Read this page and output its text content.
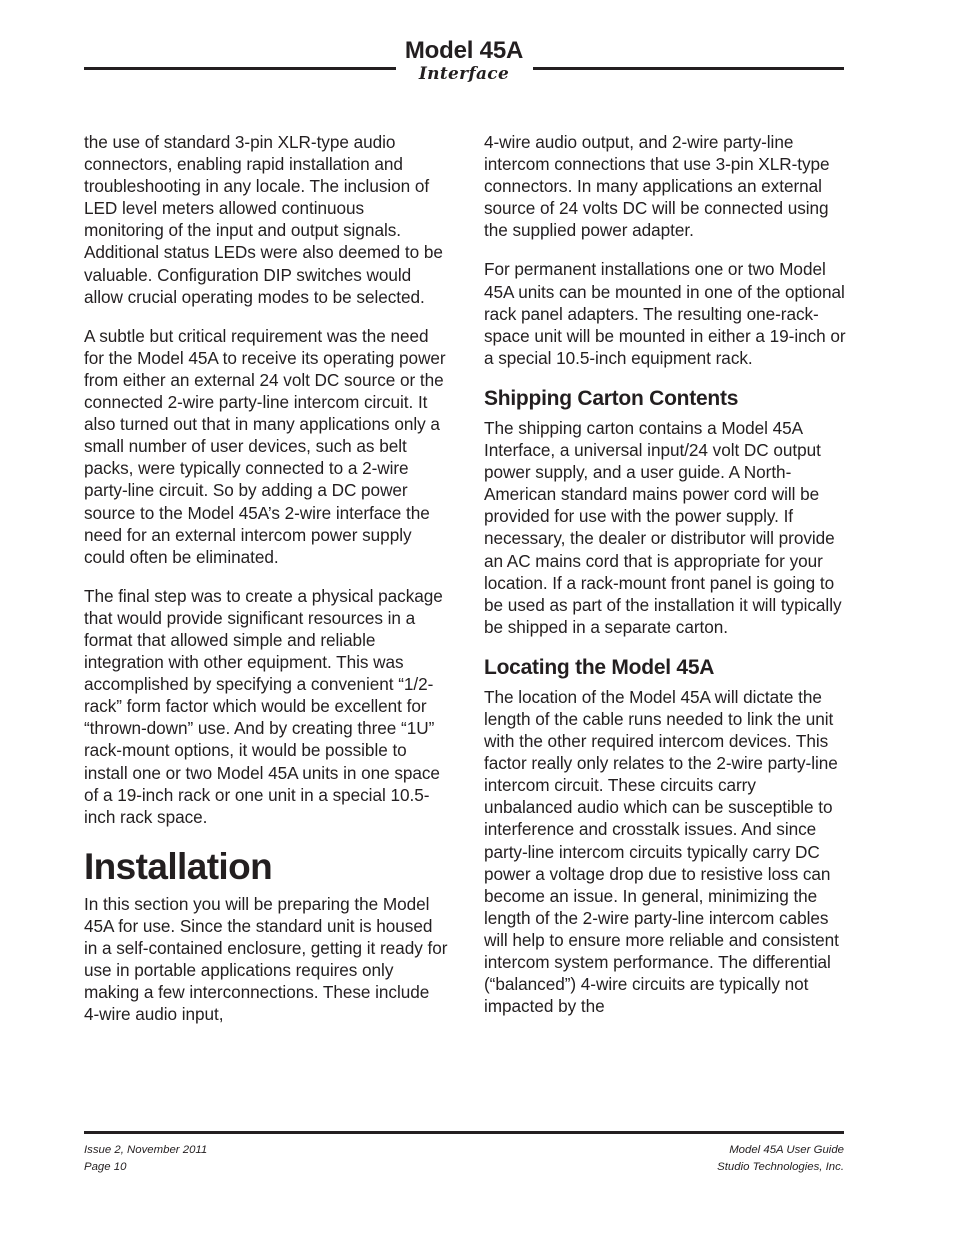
Model 45A
Interface

the use of standard 3-pin XLR-type audio connectors, enabling rapid installation and troubleshooting in any locale. The inclusion of LED level meters allowed continuous monitoring of the input and output signals. Additional status LEDs were also deemed to be valuable. Configuration DIP switches would allow crucial operating modes to be selected.

A subtle but critical requirement was the need for the Model 45A to receive its operating power from either an external 24 volt DC source or the connected 2-wire party-line intercom circuit. It also turned out that in many applications only a small number of user devices, such as belt packs, were typically connected to a 2-wire party-line circuit. So by adding a DC power source to the Model 45A’s 2-wire interface the need for an external intercom power supply could often be eliminated.

The final step was to create a physical package that would provide significant resources in a format that allowed simple and reliable integration with other equipment. This was accomplished by specifying a convenient “1/2-rack” form factor which would be excellent for “thrown-down” use. And by creating three “1U” rack-mount options, it would be possible to install one or two Model 45A units in one space of a 19-inch rack or one unit in a special 10.5-inch rack space.

Installation

In this section you will be preparing the Model 45A for use. Since the standard unit is housed in a self-contained enclosure, getting it ready for use in portable applications requires only making a few interconnections. These include 4-wire audio input,

4-wire audio output, and 2-wire party-line intercom connections that use 3-pin XLR-type connectors. In many applications an external source of 24 volts DC will be connected using the supplied power adapter.

For permanent installations one or two Model 45A units can be mounted in one of the optional rack panel adapters. The resulting one-rack-space unit will be mounted in either a 19-inch or a special 10.5-inch equipment rack.

Shipping Carton Contents

The shipping carton contains a Model 45A Interface, a universal input/24 volt DC output power supply, and a user guide. A North-American standard mains power cord will be provided for use with the power supply. If necessary, the dealer or distributor will provide an AC mains cord that is appropriate for your location. If a rack-mount front panel is going to be used as part of the installation it will typically be shipped in a separate carton.

Locating the Model 45A

The location of the Model 45A will dictate the length of the cable runs needed to link the unit with the other required intercom devices. This factor really only relates to the 2-wire party-line intercom circuit. These circuits carry unbalanced audio which can be susceptible to interference and crosstalk issues. And since party-line intercom circuits typically carry DC power a voltage drop due to resistive loss can become an issue. In general, minimizing the length of the 2-wire party-line intercom cables will help to ensure more reliable and consistent intercom system performance. The differential (“balanced”) 4-wire circuits are typically not impacted by the

Issue 2, November 2011
Page 10
Model 45A User Guide
Studio Technologies, Inc.
